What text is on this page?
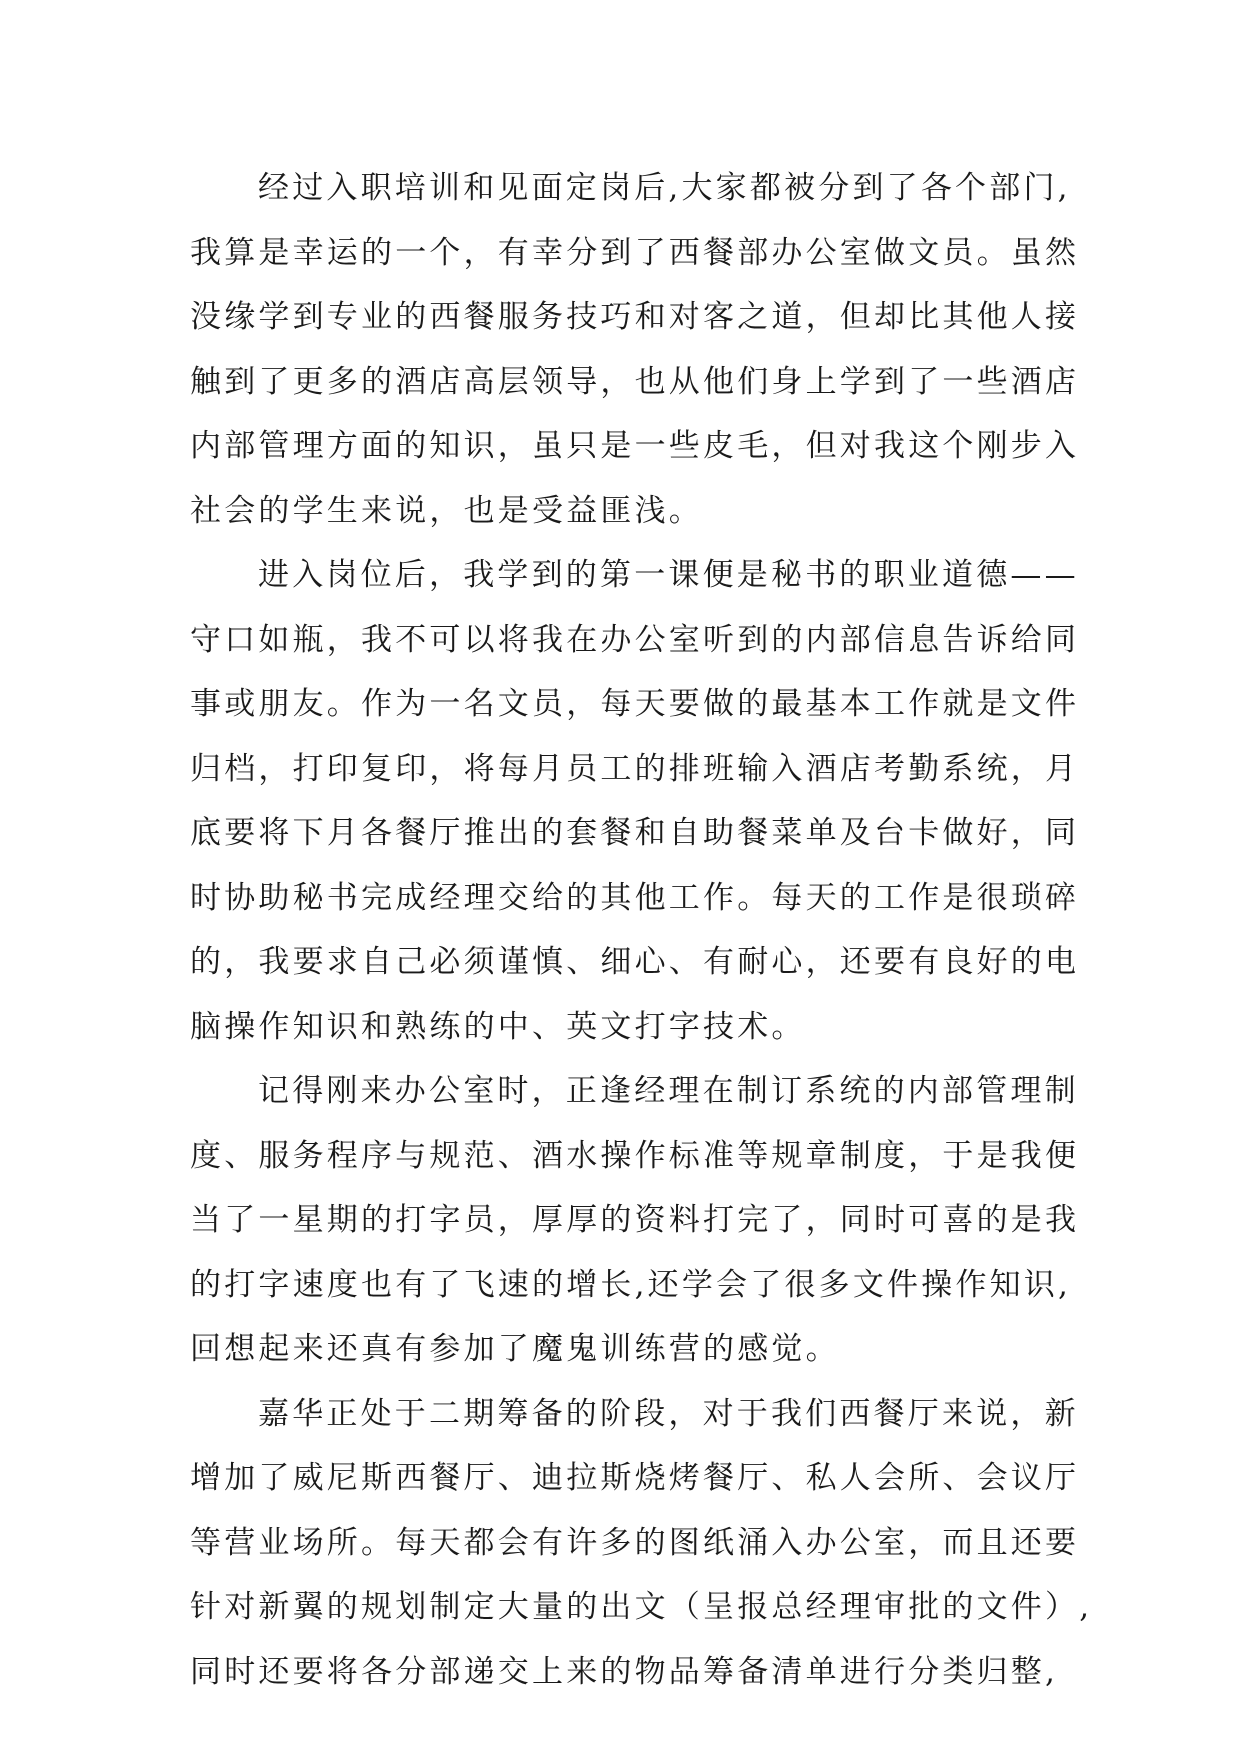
经过入职培训和见面定岗后,大家都被分到了各个部门,
我算是幸运的一个，有幸分到了西餐部办公室做文员。虽然
没缘学到专业的西餐服务技巧和对客之道，但却比其他人接
触到了更多的酒店高层领导，也从他们身上学到了一些酒店
内部管理方面的知识，虽只是一些皮毛，但对我这个刚步入
社会的学生来说，也是受益匪浅。
进入岗位后，我学到的第一课便是秘书的职业道德——
守口如瓶，我不可以将我在办公室听到的内部信息告诉给同
事或朋友。作为一名文员，每天要做的最基本工作就是文件
归档，打印复印，将每月员工的排班输入酒店考勤系统，月
底要将下月各餐厅推出的套餐和自助餐菜单及台卡做好，同
时协助秘书完成经理交给的其他工作。每天的工作是很琐碎
的，我要求自己必须谨慎、细心、有耐心，还要有良好的电
脑操作知识和熟练的中、英文打字技术。
记得刚来办公室时，正逢经理在制订系统的内部管理制
度、服务程序与规范、酒水操作标准等规章制度，于是我便
当了一星期的打字员，厚厚的资料打完了，同时可喜的是我
的打字速度也有了飞速的增长,还学会了很多文件操作知识,
回想起来还真有参加了魔鬼训练营的感觉。
嘉华正处于二期筹备的阶段，对于我们西餐厅来说，新
增加了威尼斯西餐厅、迪拉斯烧烤餐厅、私人会所、会议厅
等营业场所。每天都会有许多的图纸涌入办公室，而且还要
针对新翼的规划制定大量的出文（呈报总经理审批的文件）,
同时还要将各分部递交上来的物品筹备清单进行分类归整,
